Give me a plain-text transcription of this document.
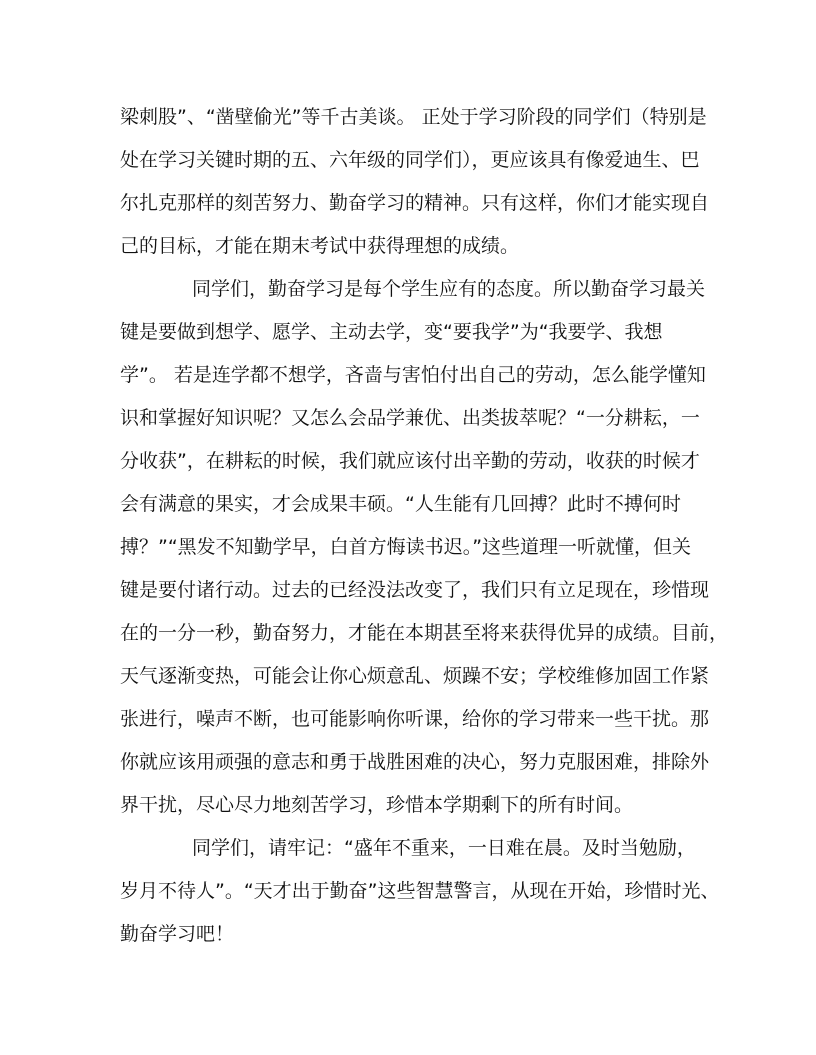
梁刺股”、“凿壁偷光”等千古美谈。 正处于学习阶段的同学们（特别是
处在学习关键时期的五、六年级的同学们），更应该具有像爱迪生、巴
尔扎克那样的刻苦努力、勤奋学习的精神。只有这样，你们才能实现自
己的目标，才能在期末考试中获得理想的成绩。
同学们，勤奋学习是每个学生应有的态度。所以勤奋学习最关
键是要做到想学、愿学、主动去学，变“要我学”为“我要学、我想
学”。 若是连学都不想学，吝啬与害怕付出自己的劳动，怎么能学懂知
识和掌握好知识呢？又怎么会品学兼优、出类拔萃呢？“一分耕耘，一
分收获”，在耕耘的时候，我们就应该付出辛勤的劳动，收获的时候才
会有满意的果实，才会成果丰硕。“人生能有几回搏？此时不搏何时
搏？”“黑发不知勤学早，白首方悔读书迟。”这些道理一听就懂，但关
键是要付诸行动。过去的已经没法改变了，我们只有立足现在，珍惜现
在的一分一秒，勤奋努力，才能在本期甚至将来获得优异的成绩。目前，
天气逐渐变热，可能会让你心烦意乱、烦躁不安；学校维修加固工作紧
张进行，噪声不断，也可能影响你听课，给你的学习带来一些干扰。那
你就应该用顽强的意志和勇于战胜困难的决心，努力克服困难，排除外
界干扰，尽心尽力地刻苦学习，珍惜本学期剩下的所有时间。
同学们，请牢记：“盛年不重来，一日难在晨。及时当勉励，
岁月不待人”。“天才出于勤奋”这些智慧警言，从现在开始，珍惜时光、
勤奋学习吧！
